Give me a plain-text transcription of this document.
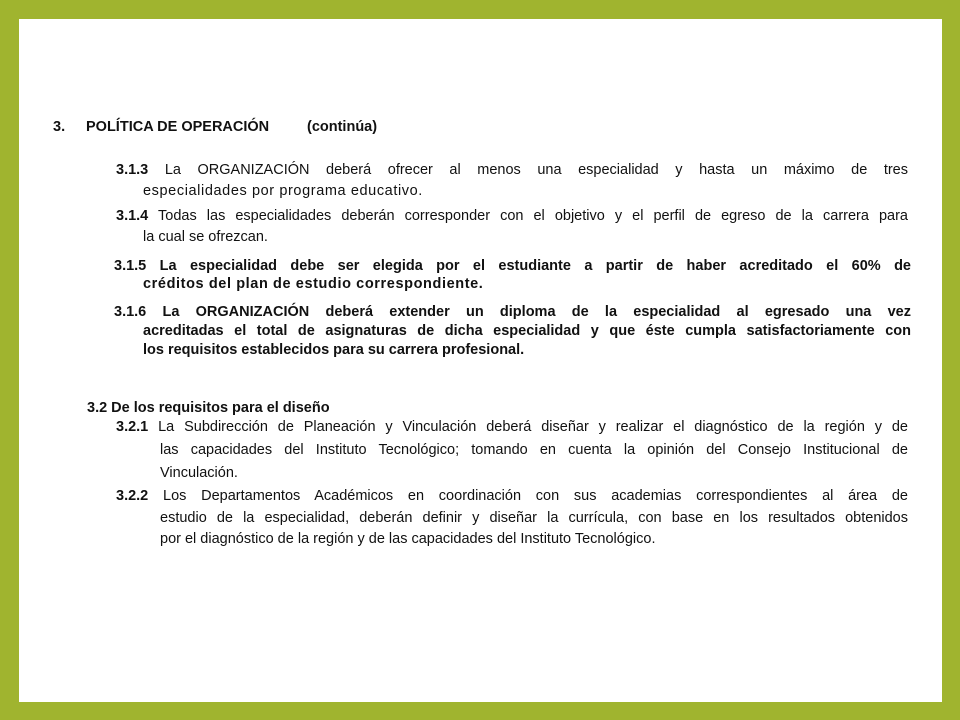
3. POLÍTICA DE OPERACIÓN	(continúa)
3.1.3 La ORGANIZACIÓN deberá ofrecer al menos una especialidad y hasta un máximo de tres
especialidades por programa educativo.
3.1.4 Todas las especialidades deberán corresponder con el objetivo y el perfil de egreso de la carrera para
la cual se ofrezcan.
3.1.5 La especialidad debe ser elegida por el estudiante a partir de haber acreditado el 60% de
créditos del plan de estudio correspondiente.
3.1.6 La ORGANIZACIÓN deberá extender un diploma de la especialidad al egresado una vez
acreditadas el total de asignaturas de dicha especialidad y que éste cumpla satisfactoriamente con
los requisitos establecidos para su carrera profesional.
3.2 De los requisitos para el diseño
3.2.1 La Subdirección de Planeación y Vinculación deberá diseñar y realizar el diagnóstico de la región y de
las capacidades del Instituto Tecnológico; tomando en cuenta la opinión del Consejo Institucional de
Vinculación.
3.2.2 Los Departamentos Académicos en coordinación con sus academias correspondientes al área de
estudio de la especialidad, deberán definir y diseñar la currícula, con base en los resultados obtenidos
por el diagnóstico de la región y de las capacidades del Instituto Tecnológico.
